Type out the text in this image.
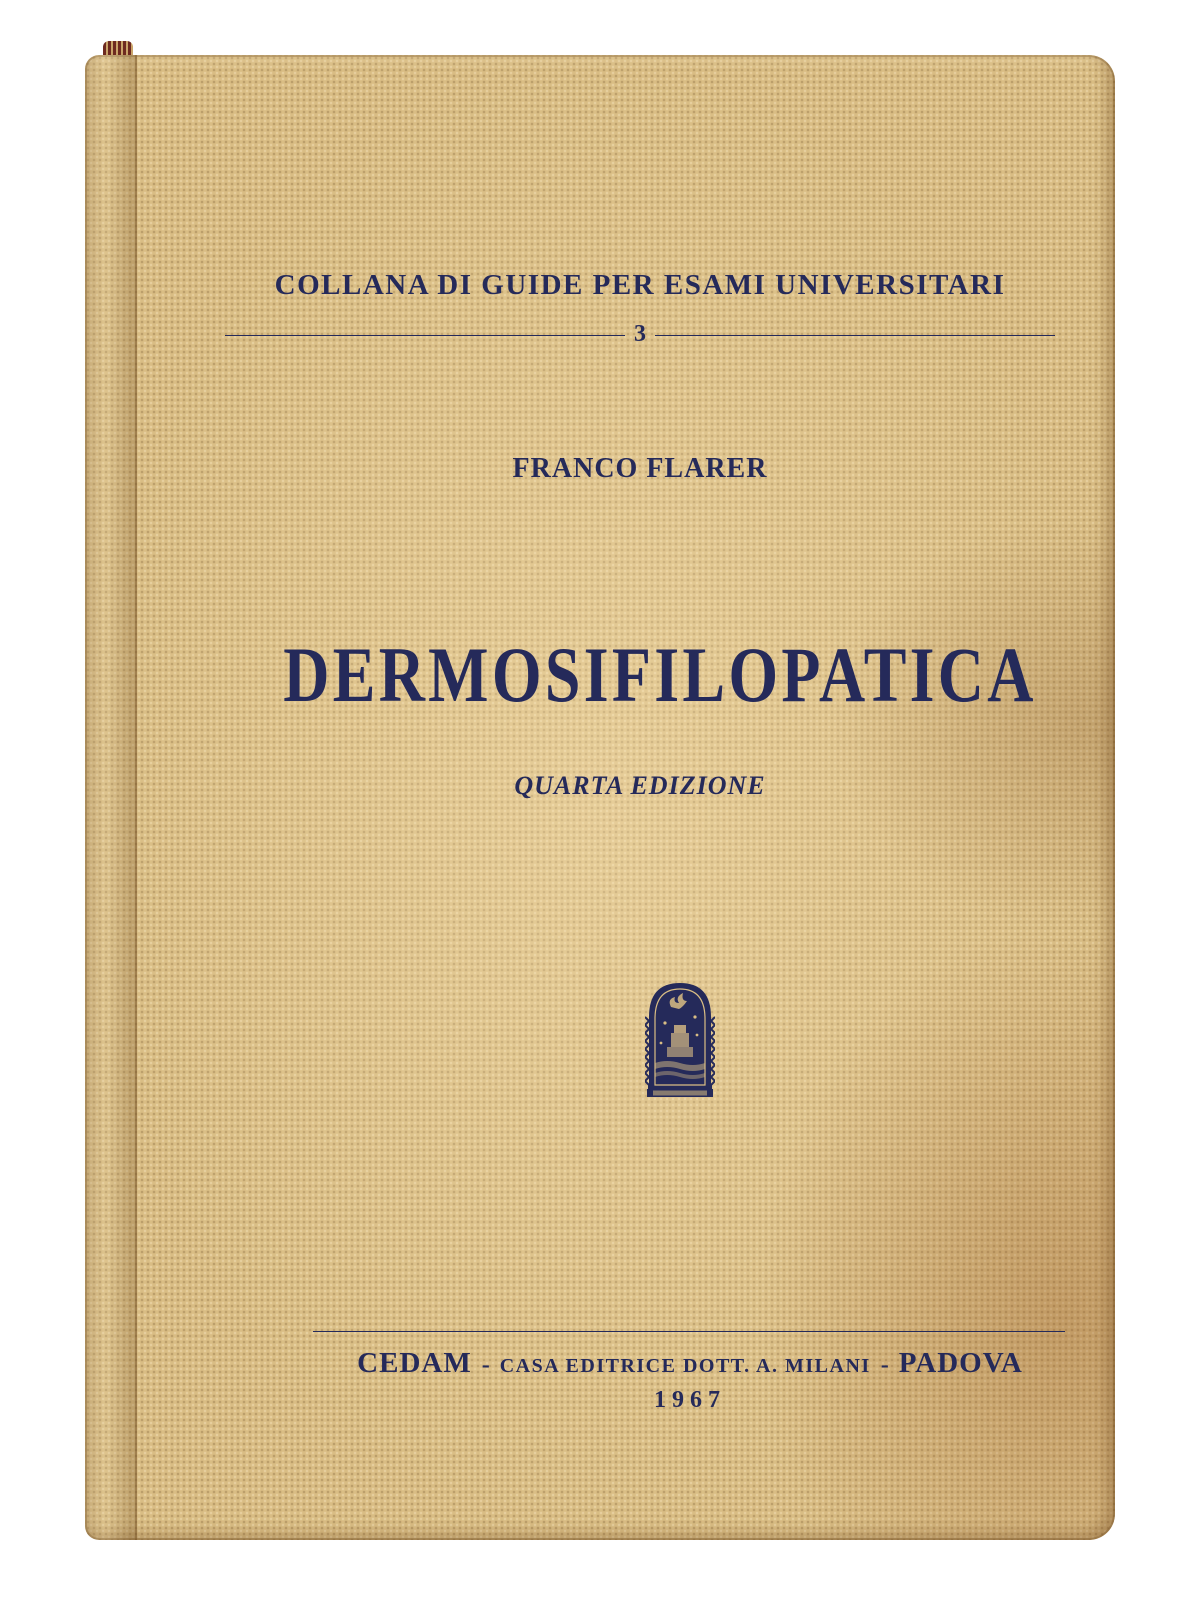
COLLANA DI GUIDE PER ESAMI UNIVERSITARI
3
FRANCO FLARER
DERMOSIFILOPATICA
QUARTA EDIZIONE
CEDAM - CASA EDITRICE DOTT. A. MILANI - PADOVA
1967
